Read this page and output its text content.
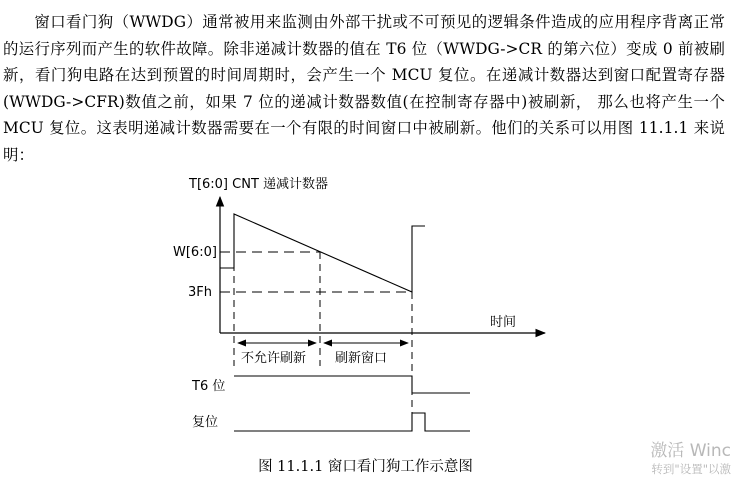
窗口看门狗（WWDG）通常被用来监测由外部干扰或不可预见的逻辑条件造成的应用程序背离正常的运行序列而产生的软件故障。除非递减计数器的值在 T6 位（WWDG->CR 的第六位）变成 0 前被刷新，看门狗电路在达到预置的时间周期时，会产生一个 MCU 复位。在递减计数器达到窗口配置寄存器(WWDG->CFR)数值之前，如果 7 位的递减计数器数值(在控制寄存器中)被刷新， 那么也将产生一个 MCU 复位。这表明递减计数器需要在一个有限的时间窗口中被刷新。他们的关系可以用图 11.1.1 来说明：
T[6:0] CNT 递减计数器
时间
W[6:0]
3Fh
不允许刷新 刷新窗口
T6 位
复位
图 11.1.1 窗口看门狗工作示意图
激活 Winc
转到"设置"以激
